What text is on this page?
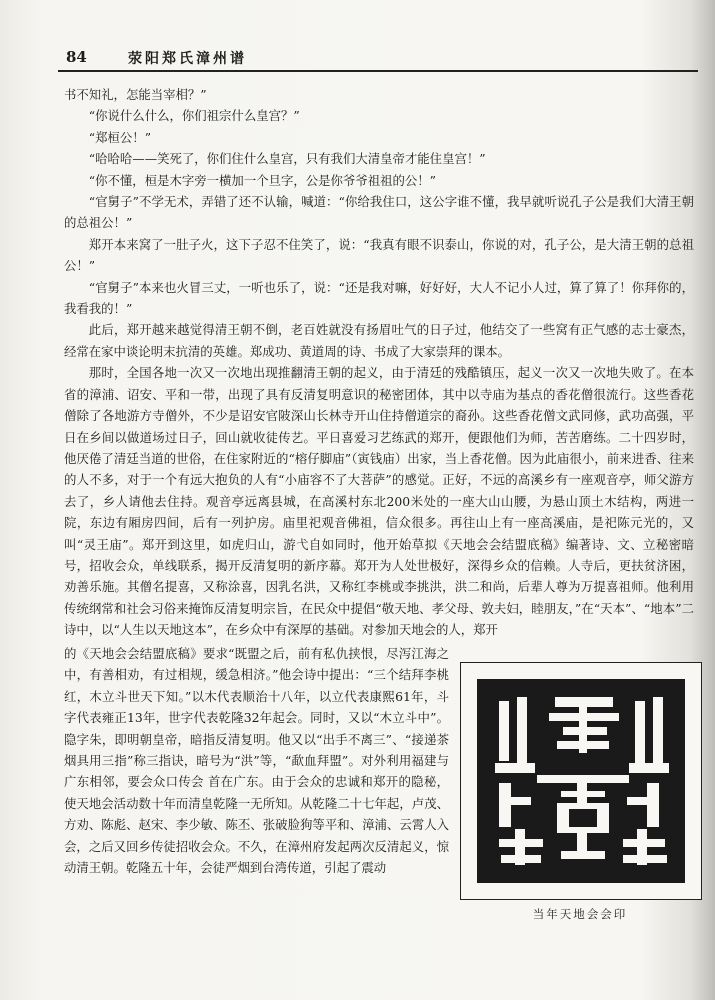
84	荥阳郑氏漳州谱

书不知礼，怎能当宰相？”

“你说什么什么，你们祖宗什么皇宫？”

“郑桓公！”

“哈哈哈——笑死了，你们住什么皇宫，只有我们大清皇帝才能住皇宫！”

“你不懂，桓是木字旁一横加一个旦字，公是你爷爷祖祖的公！”

“官舅子”不学无术，弄错了还不认输，喊道：“你给我住口，这公字谁不懂，我早就听说孔子公是我们大清王朝的总祖公！”

郑开本来窝了一肚子火，这下子忍不住笑了，说：“我真有眼不识泰山，你说的对，孔子公，是大清王朝的总祖公！”

“官舅子”本来也火冒三丈，一听也乐了，说：“还是我对嘛，好好好，大人不记小人过，算了算了！你拜你的，我看我的！”

此后，郑开越来越觉得清王朝不倒，老百姓就没有扬眉吐气的日子过，他结交了一些窝有正气感的志士豪杰，经常在家中谈论明末抗清的英雄。郑成功、黄道周的诗、书成了大家崇拜的课本。

那时，全国各地一次又一次地出现推翻清王朝的起义，由于清廷的残酷镇压，起义一次又一次地失败了。在本省的漳浦、诏安、平和一带，出现了具有反清复明意识的秘密团体，其中以寺庙为基点的香花僧很流行。这些香花僧除了各地游方寺僧外，不少是诏安官陂深山长林寺开山住持僧道宗的裔孙。这些香花僧文武同修，武功高强，平日在乡间以做道场过日子，回山就收徒传艺。平日喜爱习艺练武的郑开，便跟他们为师，苦苦磨练。二十四岁时，他厌倦了清廷当道的世俗，在住家附近的“榕仔脚庙”（寅钱庙）出家，当上香花僧。因为此庙很小，前来进香、往来的人不多，对于一个有远大抱负的人有“小庙容不了大菩萨”的感觉。正好，不远的高溪乡有一座观音亭，师父游方去了，乡人请他去住持。观音亭远离县城，在高溪村东北200米处的一座大山山腰，为悬山顶土木结构，两进一院，东边有厢房四间，后有一列护房。庙里祀观音佛祖，信众很多。再往山上有一座高溪庙，是祀陈元光的，又叫“灵王庙”。郑开到这里，如虎归山，游弋自如同时，他开始草拟《天地会会结盟底稿》编著诗、文、立秘密暗号，招收会众，单线联系，揭开反清复明的新序幕。郑开为人处世极好，深得乡众的信赖。人寺后，更扶贫济困，劝善乐施。其僧名提喜，又称涂喜，因乳名洪，又称红李桃或李挑洪，洪二和尚，后辈人尊为万提喜祖师。他利用传统纲常和社会习俗来掩饰反清复明宗旨，在民众中提倡“敬天地、孝父母、敦夫妇，睦朋友，”在“天本”、“地本”二诗中，以“人生以天地这本”，在乡众中有深厚的基础。对参加天地会的人，郑开

的《天地会会结盟底稿》要求“既盟之后，前有私仇挟恨，尽泻江海之中，有善相劝，有过相规，缓急相济。”他会诗中提出：“三个结拜李桃红，木立斗世天下知。”以木代表顺治十八年，以立代表康熙61年，斗字代表雍正13年，世字代表乾隆32年起会。同时，又以“木立斗中”。隐字朱，即明朝皇帝，暗指反清复明。他又以“出手不离三”、“接递茶烟具用三指”称三指诀，暗号为“洪”等，“歃血拜盟”。对外利用福建与广东相邻，要会众口传会 首在广东。由于会众的忠诚和郑开的隐秘，使天地会活动数十年而清皇乾隆一无所知。从乾隆二十七年起，卢茂、方劝、陈彪、赵宋、李少敏、陈丕、张破脸狗等平和、漳浦、云霄人入会，之后又回乡传徒招收会众。不久，在漳州府发起两次反清起义，惊动清王朝。乾隆五十年，会徒严烟到台湾传道，引起了震动

当年天地会会印
